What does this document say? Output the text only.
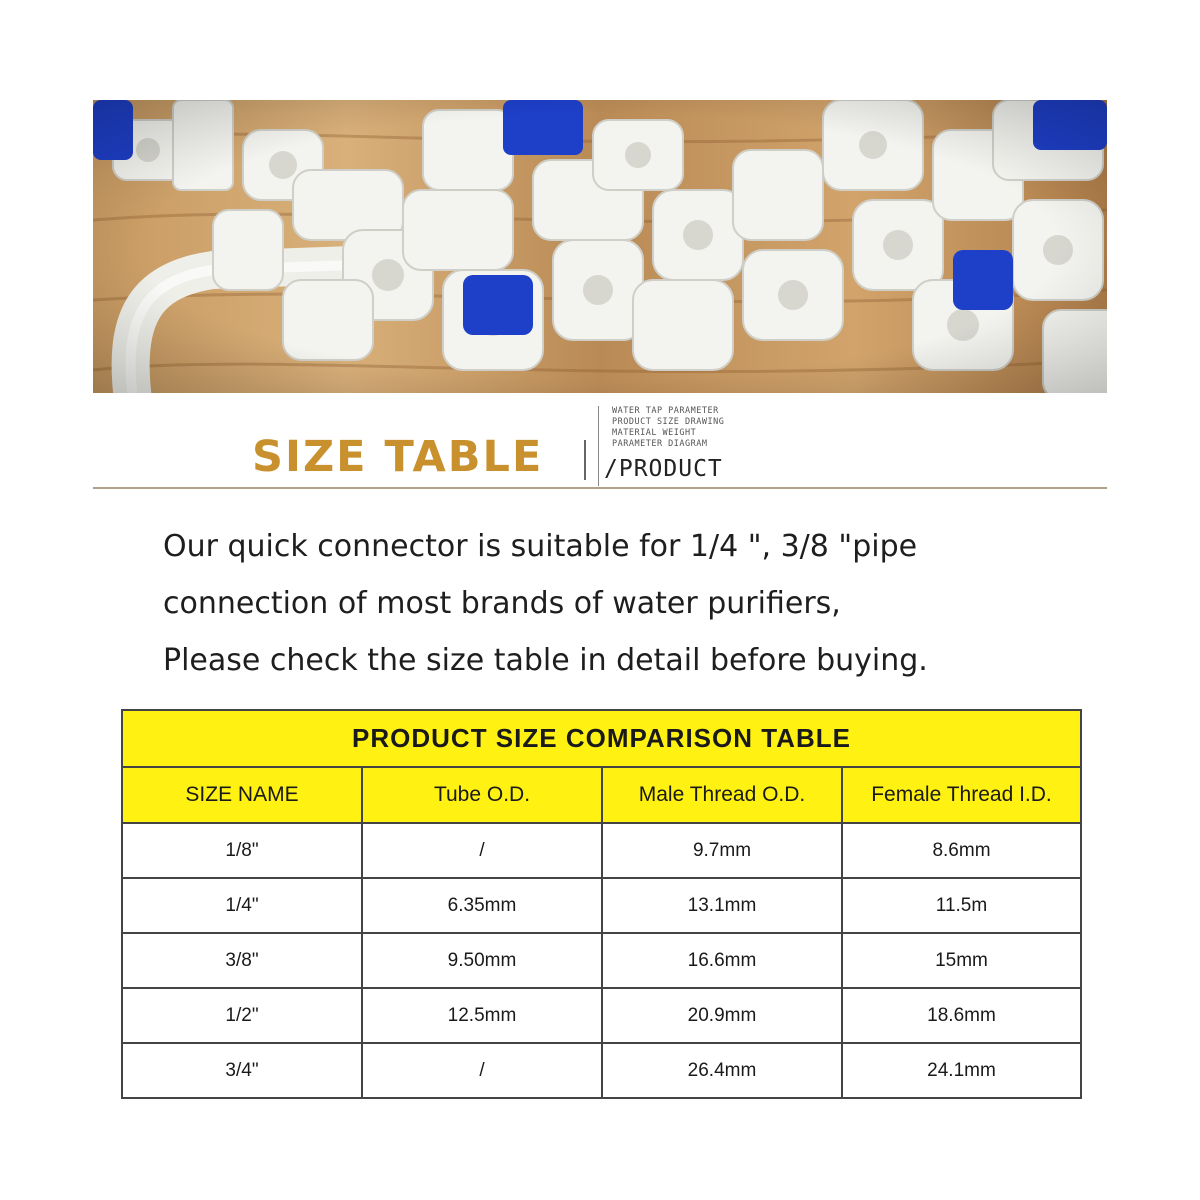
SIZE TABLE
WATER TAP PARAMETER
PRODUCT SIZE DRAWING
MATERIAL WEIGHT
PARAMETER DIAGRAM
/PRODUCT
Our quick connector is suitable for 1/4 ", 3/8 "pipe
connection of most brands of water purifiers,
Please check the size table in detail before buying.
PRODUCT SIZE COMPARISON TABLE			
SIZE NAME	Tube O.D.	Male Thread O.D.	Female Thread I.D.
1/8"	/	9.7mm	8.6mm
1/4"	6.35mm	13.1mm	11.5m
3/8"	9.50mm	16.6mm	15mm
1/2"	12.5mm	20.9mm	18.6mm
3/4"	/	26.4mm	24.1mm
